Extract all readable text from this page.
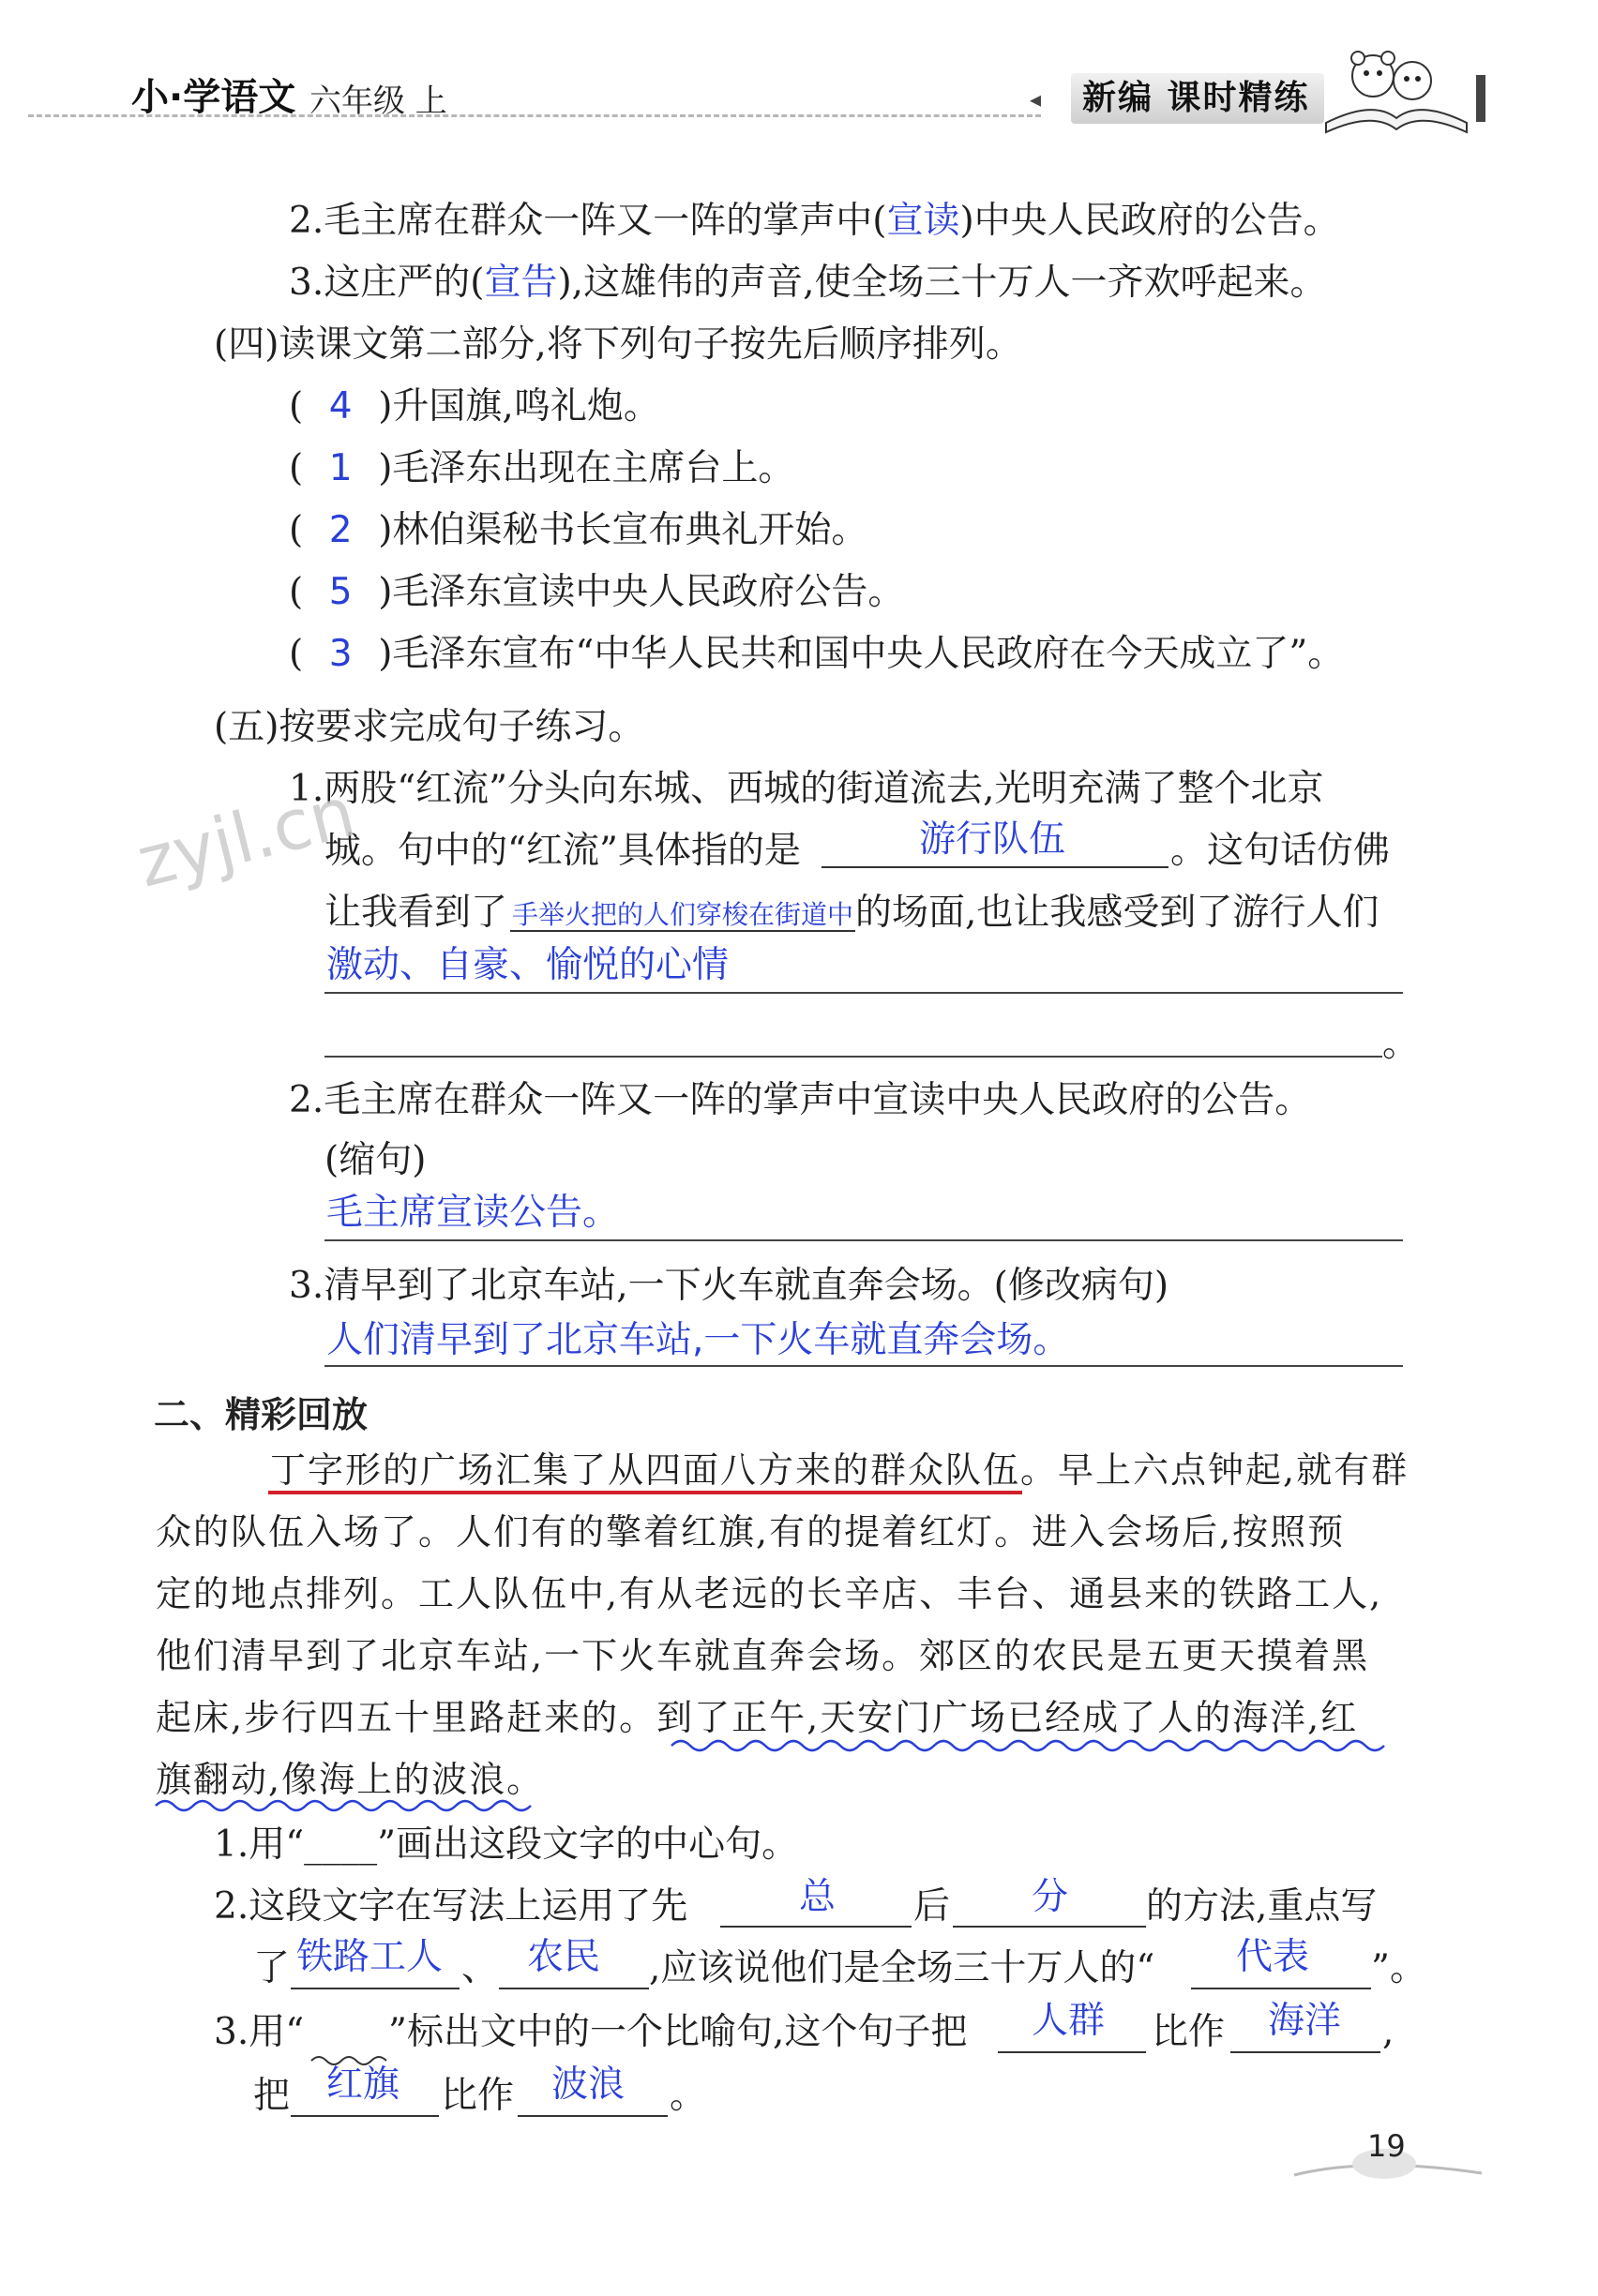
小·学语文 六年级 上	◂	新编 课时精练
2.毛主席在群众一阵又一阵的掌声中(宣读)中央人民政府的公告。
3.这庄严的(宣告),这雄伟的声音,使全场三十万人一齐欢呼起来。
(四)读课文第二部分,将下列句子按先后顺序排列。
( 4 )升国旗,鸣礼炮。
( 1 )毛泽东出现在主席台上。
( 2 )林伯渠秘书长宣布典礼开始。
( 5 )毛泽东宣读中央人民政府公告。
( 3 )毛泽东宣布“中华人民共和国中央人民政府在今天成立了”。
(五)按要求完成句子练习。
1.两股“红流”分头向东城、西城的街道流去,光明充满了整个北京
城。句中的“红流”具体指的是	游行队伍	。这句话仿佛
让我看到了 手举火把的人们穿梭在街道中 的场面,也让我感受到了游行人们
激动、自豪、愉悦的心情
。
2.毛主席在群众一阵又一阵的掌声中宣读中央人民政府的公告。
(缩句)
毛主席宣读公告。
3.清早到了北京车站,一下火车就直奔会场。(修改病句)
人们清早到了北京车站,一下火车就直奔会场。
二、精彩回放
丁字形的广场汇集了从四面八方来的群众队伍。早上六点钟起,就有群
众的队伍入场了。人们有的擎着红旗,有的提着红灯。进入会场后,按照预
定的地点排列。工人队伍中,有从老远的长辛店、丰台、通县来的铁路工人,
他们清早到了北京车站,一下火车就直奔会场。郊区的农民是五更天摸着黑
起床,步行四五十里路赶来的。到了正午,天安门广场已经成了人的海洋,红
旗翻动,像海上的波浪。
1.用“____”画出这段文字的中心句。
2.这段文字在写法上运用了先	总 后 分 的方法,重点写
了 铁路工人 、 农民 ,应该说他们是全场三十万人的“ 代表 ”。
3.用“ ”标出文中的一个比喻句,这个句子把 人群 比作 海洋 ,
把 红旗 比作 波浪 。
19
zyjl.cn
